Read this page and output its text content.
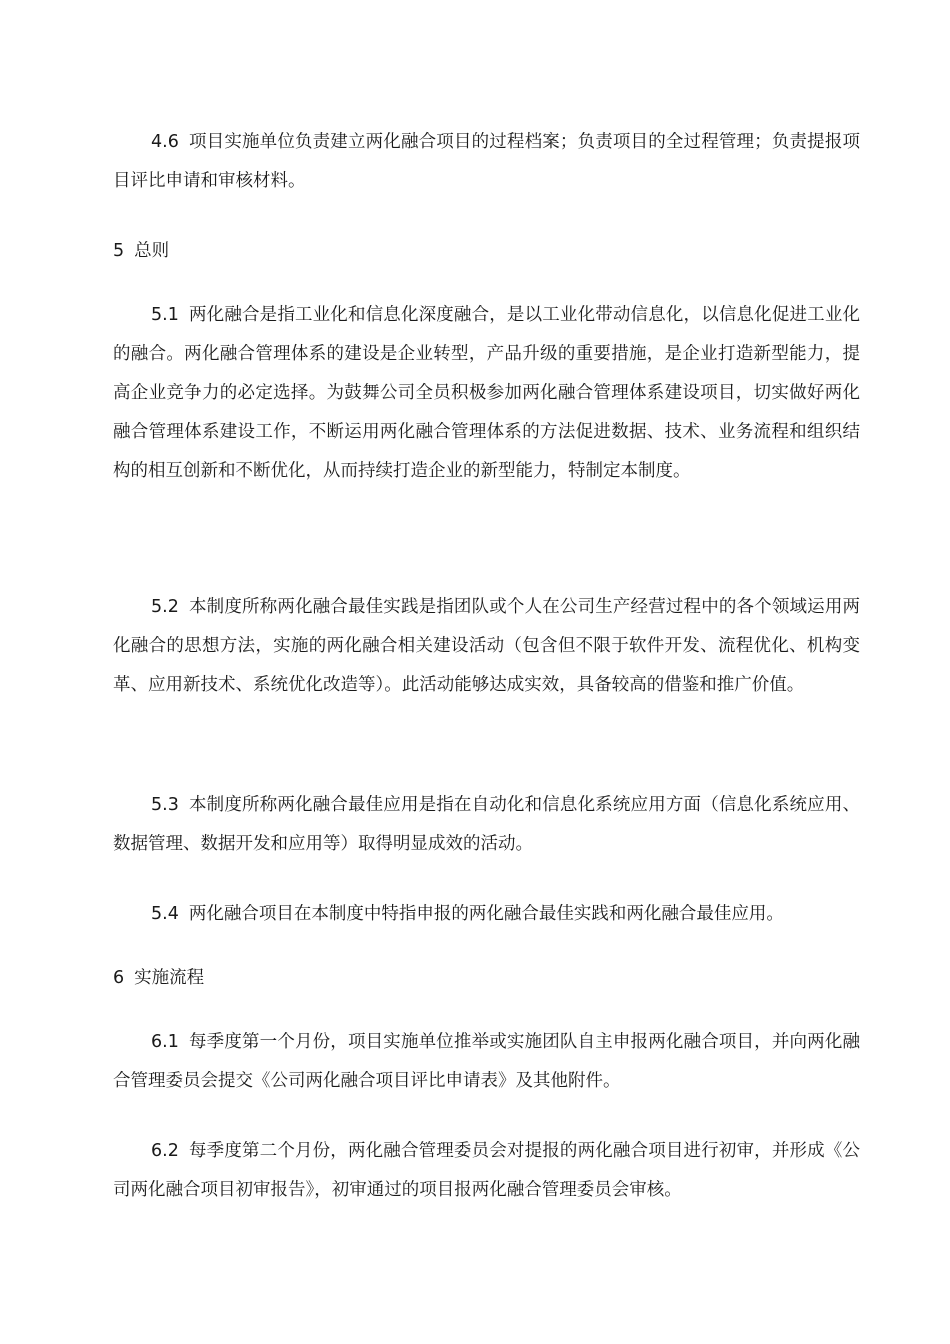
4.6 项目实施单位负责建立两化融合项目的过程档案；负责项目的全过程管理；负责提报项目评比申请和审核材料。

5 总则

5.1 两化融合是指工业化和信息化深度融合，是以工业化带动信息化，以信息化促进工业化的融合。两化融合管理体系的建设是企业转型，产品升级的重要措施，是企业打造新型能力，提高企业竞争力的必定选择。为鼓舞公司全员积极参加两化融合管理体系建设项目，切实做好两化融合管理体系建设工作，不断运用两化融合管理体系的方法促进数据、技术、业务流程和组织结构的相互创新和不断优化，从而持续打造企业的新型能力，特制定本制度。

5.2 本制度所称两化融合最佳实践是指团队或个人在公司生产经营过程中的各个领域运用两化融合的思想方法，实施的两化融合相关建设活动（包含但不限于软件开发、流程优化、机构变革、应用新技术、系统优化改造等）。此活动能够达成实效，具备较高的借鉴和推广价值。

5.3 本制度所称两化融合最佳应用是指在自动化和信息化系统应用方面（信息化系统应用、数据管理、数据开发和应用等）取得明显成效的活动。

5.4 两化融合项目在本制度中特指申报的两化融合最佳实践和两化融合最佳应用。

6 实施流程

6.1 每季度第一个月份，项目实施单位推举或实施团队自主申报两化融合项目，并向两化融合管理委员会提交《公司两化融合项目评比申请表》及其他附件。

6.2 每季度第二个月份，两化融合管理委员会对提报的两化融合项目进行初审，并形成《公司两化融合项目初审报告》，初审通过的项目报两化融合管理委员会审核。
